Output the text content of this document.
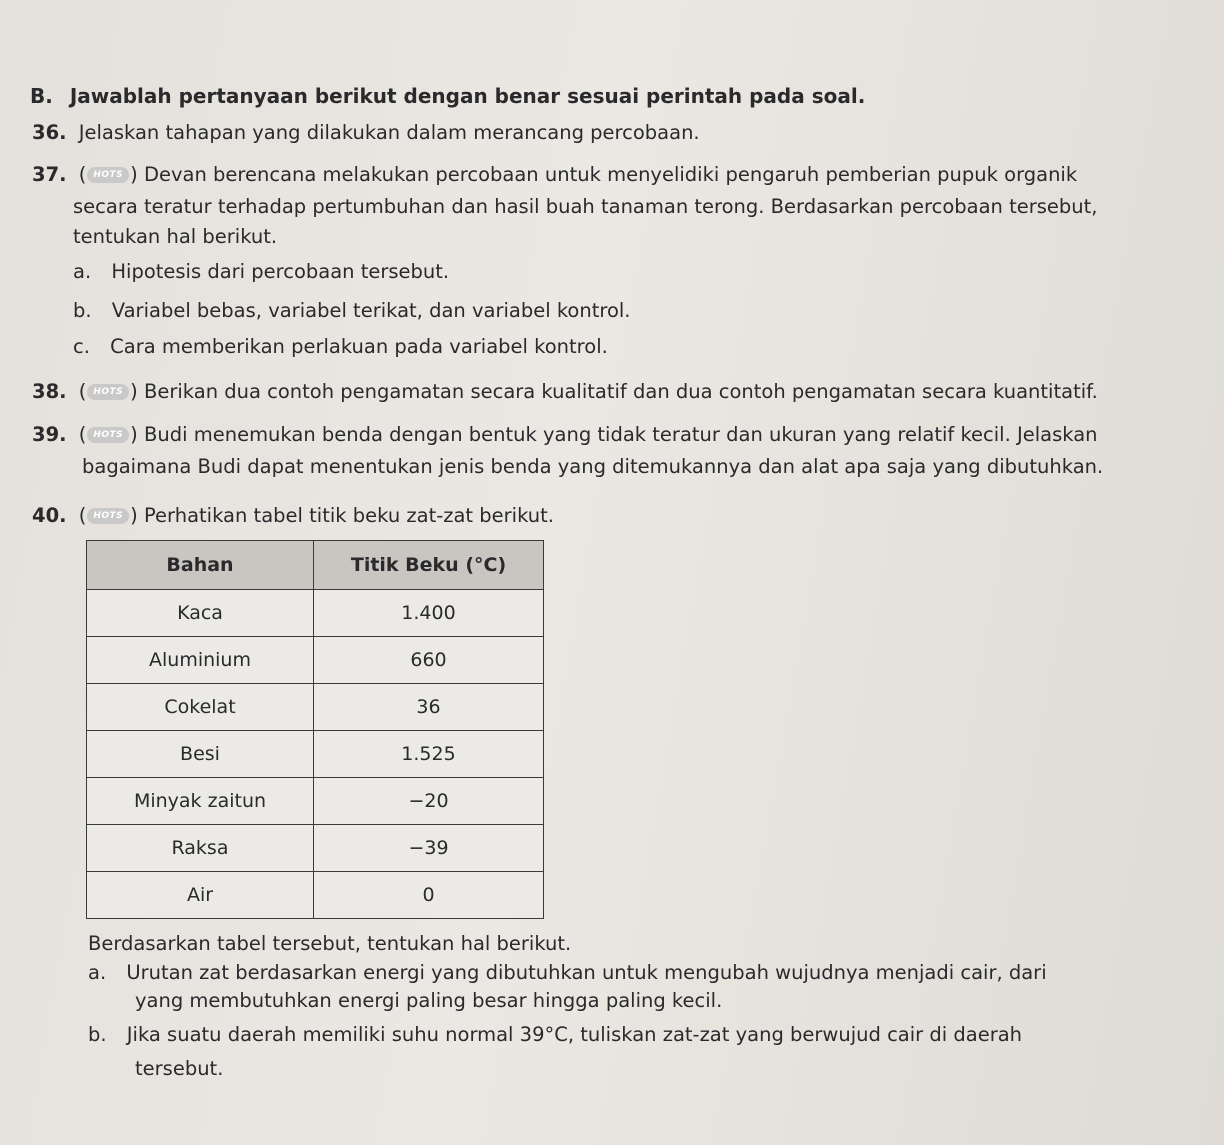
B. Jawablah pertanyaan berikut dengan benar sesuai perintah pada soal.
36. Jelaskan tahapan yang dilakukan dalam merancang percobaan.
37. ( HOTS ) Devan berencana melakukan percobaan untuk menyelidiki pengaruh pemberian pupuk organik
secara teratur terhadap pertumbuhan dan hasil buah tanaman terong. Berdasarkan percobaan tersebut,
tentukan hal berikut.
a. Hipotesis dari percobaan tersebut.
b. Variabel bebas, variabel terikat, dan variabel kontrol.
c. Cara memberikan perlakuan pada variabel kontrol.
38. ( HOTS ) Berikan dua contoh pengamatan secara kualitatif dan dua contoh pengamatan secara kuantitatif.
39. ( HOTS ) Budi menemukan benda dengan bentuk yang tidak teratur dan ukuran yang relatif kecil. Jelaskan
bagaimana Budi dapat menentukan jenis benda yang ditemukannya dan alat apa saja yang dibutuhkan.
40. ( HOTS ) Perhatikan tabel titik beku zat-zat berikut.
Bahan	Titik Beku (°C)
Kaca	1.400
Aluminium	660
Cokelat	36
Besi	1.525
Minyak zaitun	−20
Raksa	−39
Air	0
Berdasarkan tabel tersebut, tentukan hal berikut.
a. Urutan zat berdasarkan energi yang dibutuhkan untuk mengubah wujudnya menjadi cair, dari
yang membutuhkan energi paling besar hingga paling kecil.
b. Jika suatu daerah memiliki suhu normal 39°C, tuliskan zat-zat yang berwujud cair di daerah
tersebut.
